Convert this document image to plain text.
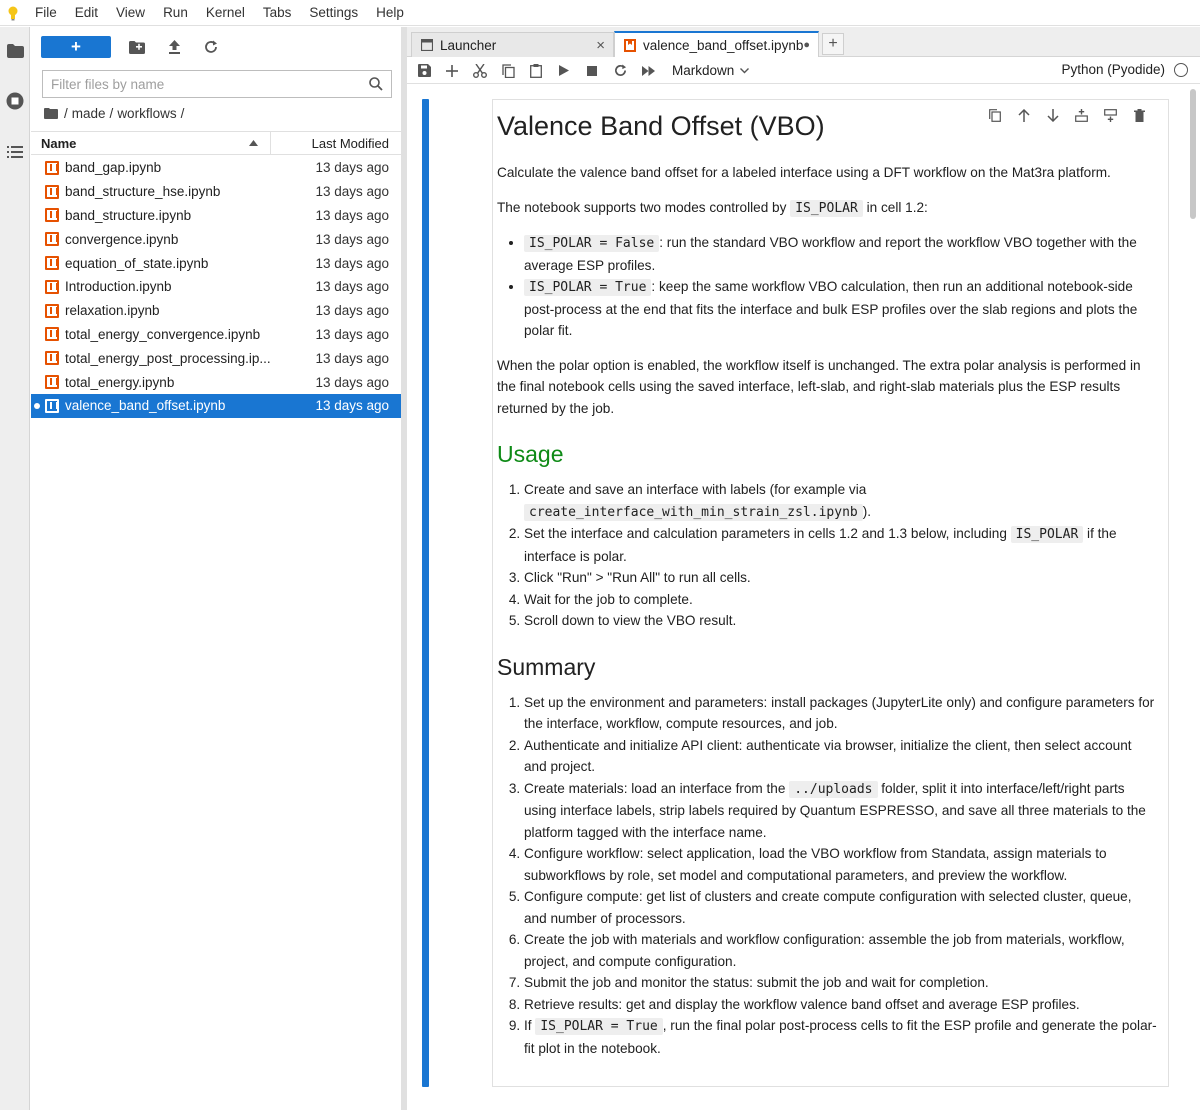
File	Edit	View	Run	Kernel	Tabs	Settings	Help
+
Filter files by name
/ made / workflows /
Name	Last Modified
band_gap.ipynb	13 days ago
band_structure_hse.ipynb	13 days ago
band_structure.ipynb	13 days ago
convergence.ipynb	13 days ago
equation_of_state.ipynb	13 days ago
Introduction.ipynb	13 days ago
relaxation.ipynb	13 days ago
total_energy_convergence.ipynb	13 days ago
total_energy_post_processing.ip...	13 days ago
total_energy.ipynb	13 days ago
valence_band_offset.ipynb	13 days ago
Launcher	×	valence_band_offset.ipynb ●	+
Markdown	Python (Pyodide)
Valence Band Offset (VBO)

Calculate the valence band offset for a labeled interface using a DFT workflow on the Mat3ra platform.

The notebook supports two modes controlled by IS_POLAR in cell 1.2:

• IS_POLAR = False : run the standard VBO workflow and report the workflow VBO together with the average ESP profiles.
• IS_POLAR = True : keep the same workflow VBO calculation, then run an additional notebook-side post-process at the end that fits the interface and bulk ESP profiles over the slab regions and plots the polar fit.

When the polar option is enabled, the workflow itself is unchanged. The extra polar analysis is performed in the final notebook cells using the saved interface, left-slab, and right-slab materials plus the ESP results returned by the job.

Usage
1. Create and save an interface with labels (for example via create_interface_with_min_strain_zsl.ipynb ).
2. Set the interface and calculation parameters in cells 1.2 and 1.3 below, including IS_POLAR if the interface is polar.
3. Click "Run" > "Run All" to run all cells.
4. Wait for the job to complete.
5. Scroll down to view the VBO result.
Summary
1. Set up the environment and parameters: install packages (JupyterLite only) and configure parameters for the interface, workflow, compute resources, and job.
2. Authenticate and initialize API client: authenticate via browser, initialize the client, then select account and project.
3. Create materials: load an interface from the ../uploads folder, split it into interface/left/right parts using interface labels, strip labels required by Quantum ESPRESSO, and save all three materials to the platform tagged with the interface name.
4. Configure workflow: select application, load the VBO workflow from Standata, assign materials to subworkflows by role, set model and computational parameters, and preview the workflow.
5. Configure compute: get list of clusters and create compute configuration with selected cluster, queue, and number of processors.
6. Create the job with materials and workflow configuration: assemble the job from materials, workflow, project, and compute configuration.
7. Submit the job and monitor the status: submit the job and wait for completion.
8. Retrieve results: get and display the workflow valence band offset and average ESP profiles.
9. If IS_POLAR = True , run the final polar post-process cells to fit the ESP profile and generate the polar-fit plot in the notebook.
